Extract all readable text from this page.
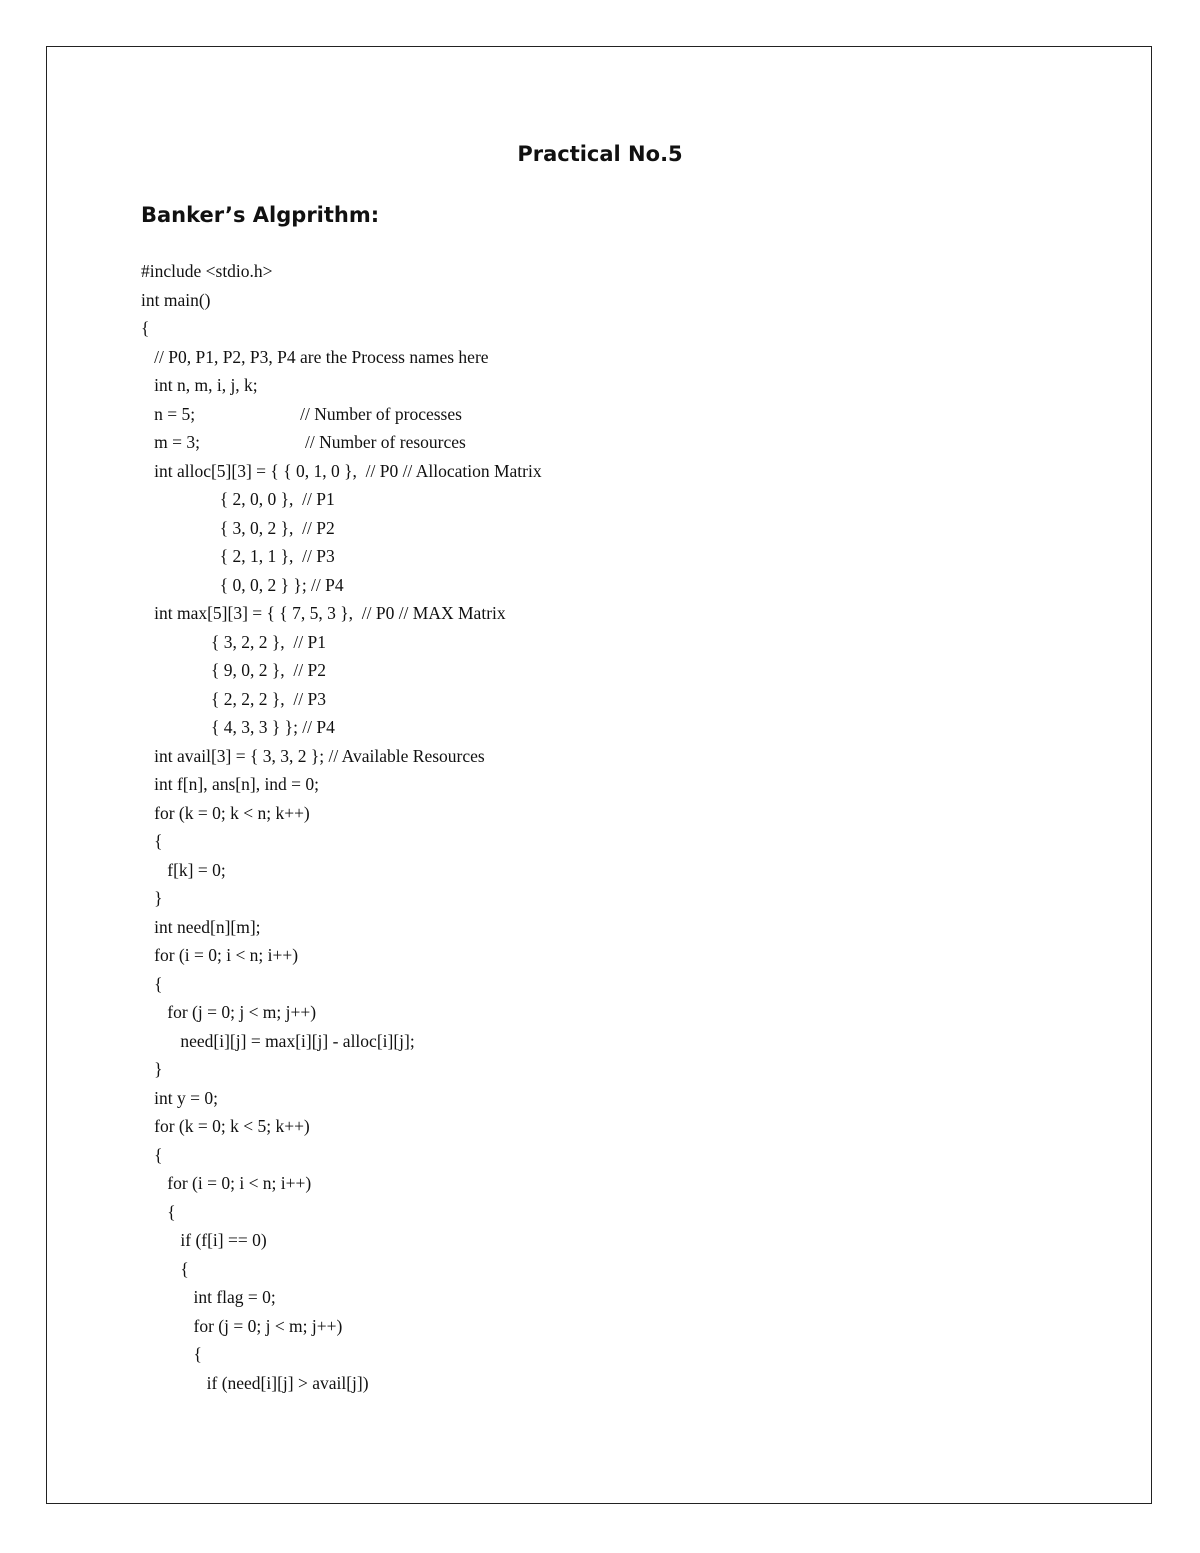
Practical No.5
Banker’s Algprithm:
#include <stdio.h>
int main()
{
// P0, P1, P2, P3, P4 are the Process names here
int n, m, i, j, k;
n = 5;                        // Number of processes
m = 3;                        // Number of resources
int alloc[5][3] = { { 0, 1, 0 },  // P0 // Allocation Matrix
{ 2, 0, 0 },  // P1
{ 3, 0, 2 },  // P2
{ 2, 1, 1 },  // P3
{ 0, 0, 2 } }; // P4
int max[5][3] = { { 7, 5, 3 },  // P0 // MAX Matrix
{ 3, 2, 2 },  // P1
{ 9, 0, 2 },  // P2
{ 2, 2, 2 },  // P3
{ 4, 3, 3 } }; // P4
int avail[3] = { 3, 3, 2 }; // Available Resources
int f[n], ans[n], ind = 0;
for (k = 0; k < n; k++)
{
f[k] = 0;
}
int need[n][m];
for (i = 0; i < n; i++)
{
for (j = 0; j < m; j++)
need[i][j] = max[i][j] - alloc[i][j];
}
int y = 0;
for (k = 0; k < 5; k++)
{
for (i = 0; i < n; i++)
{
if (f[i] == 0)
{
int flag = 0;
for (j = 0; j < m; j++)
{
if (need[i][j] > avail[j])
